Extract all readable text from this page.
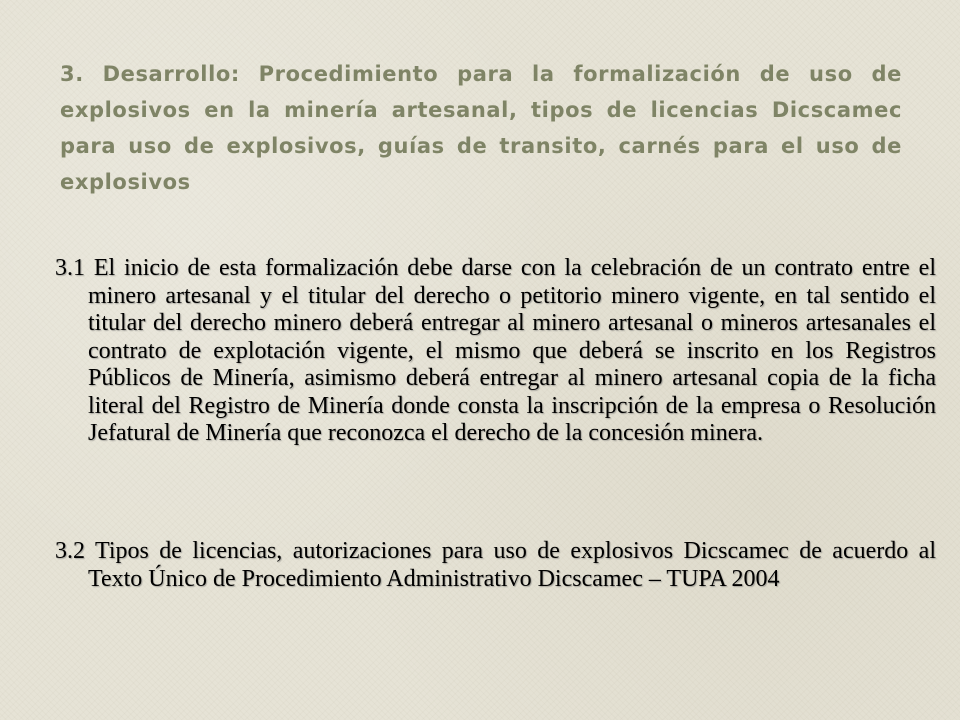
3. Desarrollo: Procedimiento para la formalización de uso de explosivos en la minería artesanal, tipos de licencias Dicscamec para uso de explosivos, guías de transito, carnés para el uso de explosivos

3.1 El inicio de esta formalización debe darse con la celebración de un contrato entre el minero artesanal y el titular del derecho o petitorio minero vigente, en tal sentido el titular del derecho minero deberá entregar al minero artesanal o mineros artesanales el contrato de explotación vigente, el mismo que deberá se inscrito en los Registros Públicos de Minería, asimismo deberá entregar al minero artesanal copia de la ficha literal del Registro de Minería donde consta la inscripción de la empresa o Resolución Jefatural de Minería que reconozca el derecho de la concesión minera.

3.2 Tipos de licencias, autorizaciones para uso de explosivos Dicscamec de acuerdo al Texto Único de Procedimiento Administrativo Dicscamec – TUPA 2004
